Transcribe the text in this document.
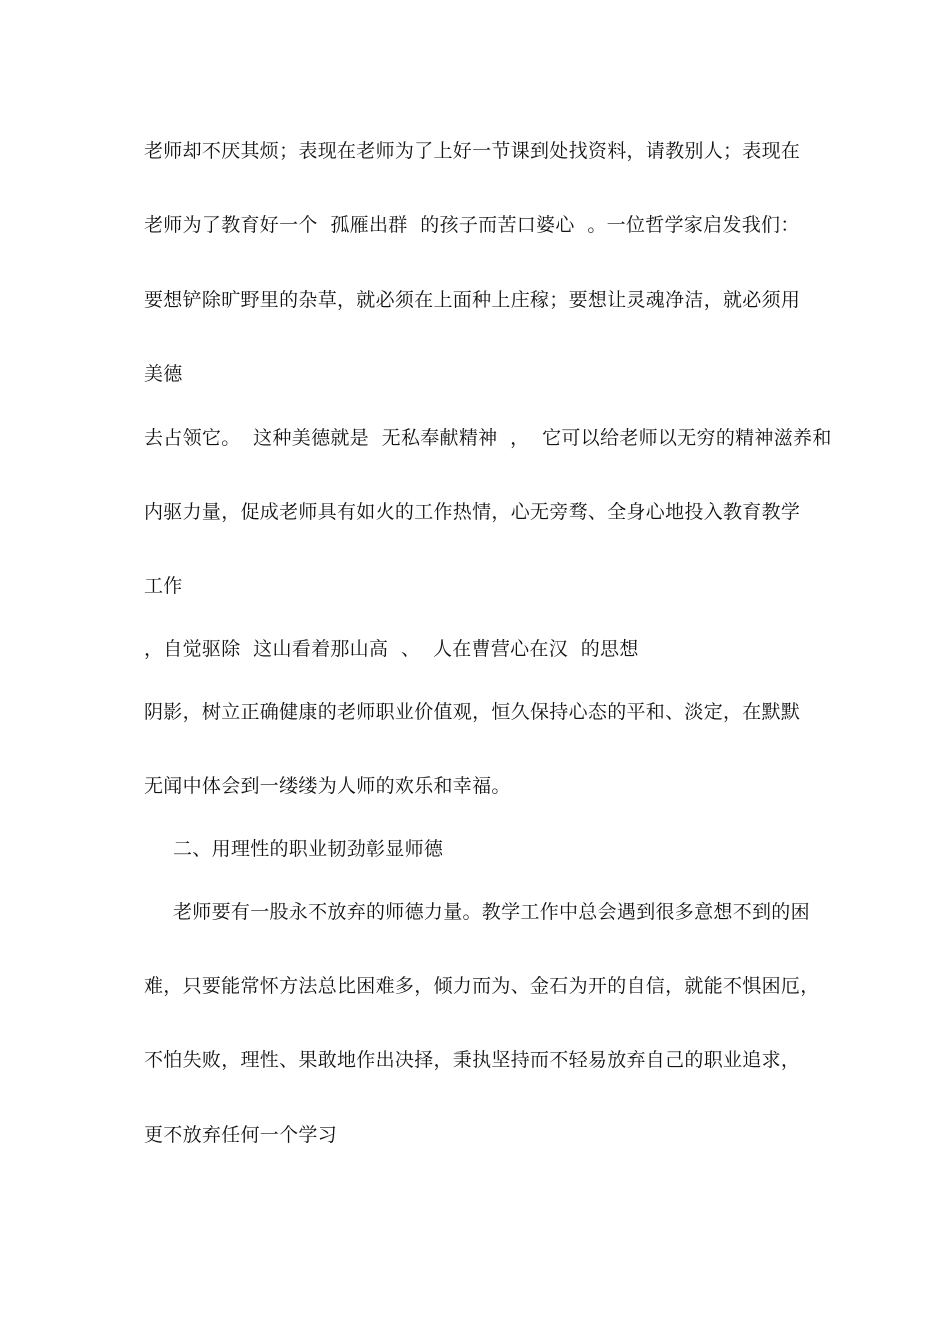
老师却不厌其烦；表现在老师为了上好一节课到处找资料，请教别人；表现在
老师为了教育好一个  孤雁出群  的孩子而苦口婆心  。一位哲学家启发我们：
要想铲除旷野里的杂草，就必须在上面种上庄稼；要想让灵魂净洁，就必须用
美德
去占领它。  这种美德就是  无私奉献精神  ，  它可以给老师以无穷的精神滋养和
内驱力量，促成老师具有如火的工作热情，心无旁骛、全身心地投入教育教学
工作
，自觉驱除  这山看着那山高  、  人在曹营心在汉  的思想
阴影，树立正确健康的老师职业价值观，恒久保持心态的平和、淡定，在默默
无闻中体会到一缕缕为人师的欢乐和幸福。
二、用理性的职业韧劲彰显师德
老师要有一股永不放弃的师德力量。教学工作中总会遇到很多意想不到的困
难，只要能常怀方法总比困难多，倾力而为、金石为开的自信，就能不惧困厄，
不怕失败，理性、果敢地作出决择，秉执坚持而不轻易放弃自己的职业追求，
更不放弃任何一个学习
